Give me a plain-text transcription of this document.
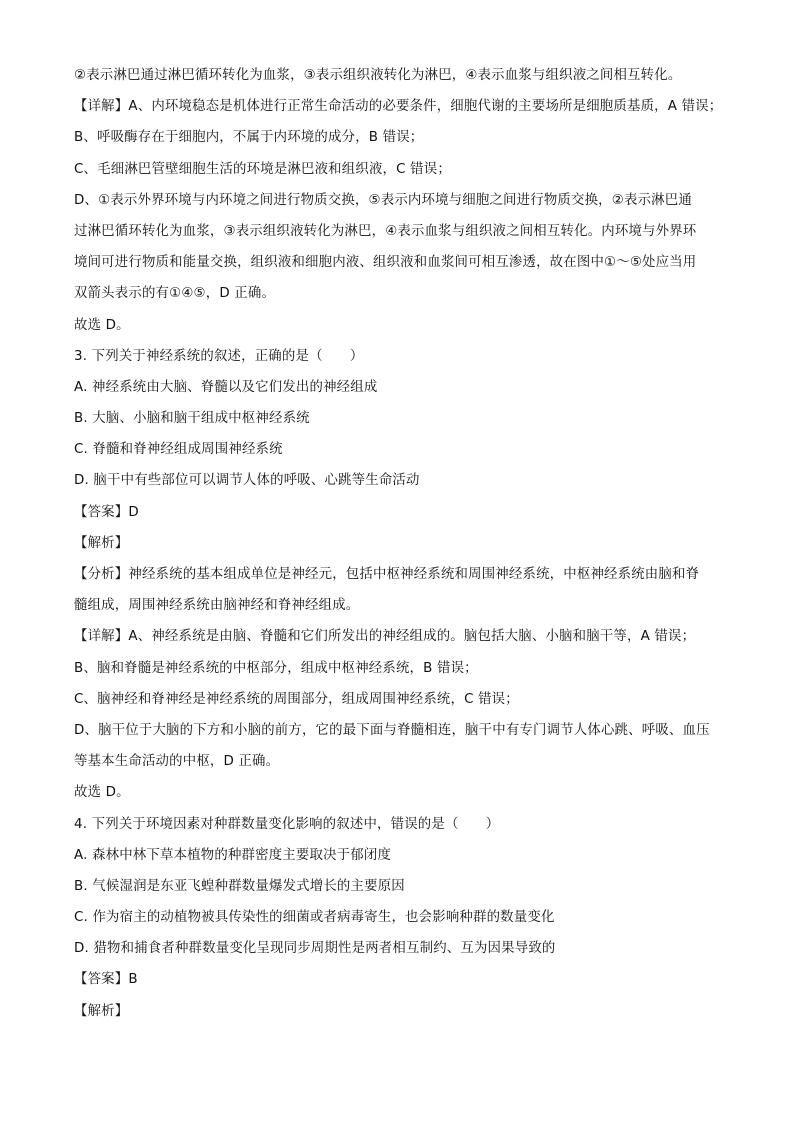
②表示淋巴通过淋巴循环转化为血浆，③表示组织液转化为淋巴，④表示血浆与组织液之间相互转化。
【详解】A、内环境稳态是机体进行正常生命活动的必要条件，细胞代谢的主要场所是细胞质基质，A 错误；
B、呼吸酶存在于细胞内，不属于内环境的成分，B 错误；
C、毛细淋巴管壁细胞生活的环境是淋巴液和组织液，C 错误；
D、①表示外界环境与内环境之间进行物质交换，⑤表示内环境与细胞之间进行物质交换，②表示淋巴通
过淋巴循环转化为血浆，③表示组织液转化为淋巴，④表示血浆与组织液之间相互转化。内环境与外界环
境间可进行物质和能量交换，组织液和细胞内液、组织液和血浆间可相互渗透，故在图中①～⑤处应当用
双箭头表示的有①④⑤，D 正确。
故选 D。
3. 下列关于神经系统的叙述，正确的是（　　）
A. 神经系统由大脑、脊髓以及它们发出的神经组成
B. 大脑、小脑和脑干组成中枢神经系统
C. 脊髓和脊神经组成周围神经系统
D. 脑干中有些部位可以调节人体的呼吸、心跳等生命活动
【答案】D
【解析】
【分析】神经系统的基本组成单位是神经元，包括中枢神经系统和周围神经系统，中枢神经系统由脑和脊
髓组成，周围神经系统由脑神经和脊神经组成。
【详解】A、神经系统是由脑、脊髓和它们所发出的神经组成的。脑包括大脑、小脑和脑干等，A 错误；
B、脑和脊髓是神经系统的中枢部分，组成中枢神经系统，B 错误；
C、脑神经和脊神经是神经系统的周围部分，组成周围神经系统，C 错误；
D、脑干位于大脑的下方和小脑的前方，它的最下面与脊髓相连，脑干中有专门调节人体心跳、呼吸、血压
等基本生命活动的中枢，D 正确。
故选 D。
4. 下列关于环境因素对种群数量变化影响的叙述中，错误的是（　　）
A. 森林中林下草本植物的种群密度主要取决于郁闭度
B. 气候湿润是东亚飞蝗种群数量爆发式增长的主要原因
C. 作为宿主的动植物被具传染性的细菌或者病毒寄生，也会影响种群的数量变化
D. 猎物和捕食者种群数量变化呈现同步周期性是两者相互制约、互为因果导致的
【答案】B
【解析】
